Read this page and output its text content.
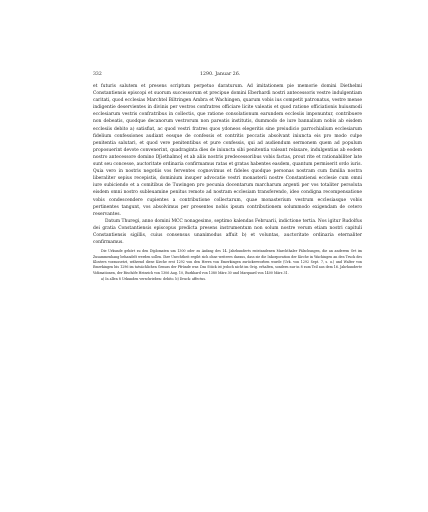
332	1290. Januar 26.

et futuris salutem et presens scriptum perpetuo daraturum. Ad imitationem pie memorie domini Diethelmi Constantiensis episcopi et suorum successorum et precipue domini Eberhardi nostri antecessoris vestre indulgentiam caritati, quod ecclesias Marchtel Biltringen Ambra et Wachingen, quarum vobis ius competit patronatus, vestre mense indigentie deservientes in divinis per vestros confratres officiare licite valeatis et quod ratione officiationis huiusmodi ecclesiarum vestris confratribus in collectis, que ratione consolationum earundem ecclesiis imponuntur, contribuere non debeatis, quodque decanorum vestrorum non pareatis institutis, dummodo de iure bannalium nobis ab eisdem ecclesiis debito a) satisfiat, ac quod vestri fratres quos ydoneos elegeritis sine preiudicio parrochialium ecclesiarum fidelium confessiones audiant eosque de confessis et contritis peccatis absolvant iniuncta eis pro modo culpe penitentia salutari, et quod vere penitentibus et pure confessis, qui ad audiendum sermonem quem ad populum proposuerint devote convenerint, quadraginta dies de iniuncta sibi penitentia valeant relaxare, indulgentias ab eodem nostro antecessore domino D[iethalmo] et ab aliis nostris predecessoribus vobis factas, prout rite et rationabiliter late sunt seu concesse, auctoritate ordinaria confirmamus ratas et gratas habentes easdem, quantum permiserit ordo iuris. Quia vero in nostris negotiis vos ferventes cognovimus et fideles quodque personas nostram cum familia nostra liberaliter sepius recepistis, dominium insuper advocatie vestri monasterii nostre Constantiensi ecclesie cum omni iure subiciendo et a comitibus de Tuwingen pro pecunia docentarum marcharum argenti per vos totaliter persoluta eisdem omni nostro subleuamine penitus remoto ad nostram ecclesiam transferendo, ideo condigna recompensatione vobis condescendere cupientes a contributione collectarum, quae monasterium vestrum ecclesiasque vobis pertinentes tangunt, vos absolvimus per presentes nobis ipsum contributionem solummodo exigendam de cetero reservantes.

Datum Thuregi, anno domini MCC nonagesimo, septimo kalendas Februarii, indictione tertia. Nos igitur Rudolfus dei gratia Constantiensis episcopus predicta presens instrumentum non solum nostre verum etiam nostri capituli Constantiensis sigillis, cuius consensus unanimodus affuit b) et voluntas, auctoritate ordinaria eternaliter confirmamus.

Die Urkunde gehört zu den Diplomaten um 1300 oder zu Anfang des 14. Jahrhunderts entstandenen Marchthaler Fälschungen, die an anderem Ort im Zusammenhang behandelt werden sollen. Ihre Unechtheit ergibt sich ohne weiteres daraus, dass sie die Inkorporation der Kirche in Wachingen an den Truck des Klosters voraussetzt, während diese Kirche erst 1292 von den Herrn von Emerkingen zurückerworben wurde (Urk. von 1292 Sept. 7, s. u.) und Walter von Emerkingen bis 1296 im tatsächlichen Genuss der Pfründe war. Das Stück ist jedoch nicht im Orig. erhalten, sondern nur in 8 zum Teil aus dem 16. Jahrhunderte Vidimationen, der Bischöfe Heinrich von 1306 Aug. 10, Burkhard von 1380 März 30 und Marquard von 1400 März 31.

a) In allen 8 Urkunden verschrieben: debito. b) Druck: affectus.
